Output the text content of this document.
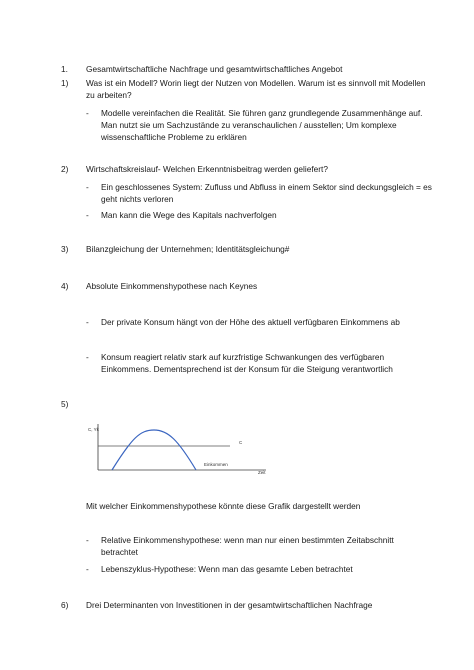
1. Gesamtwirtschaftliche Nachfrage und gesamtwirtschaftliches Angebot
1) Was ist ein Modell? Worin liegt der Nutzen von Modellen. Warum ist es sinnvoll mit Modellen
zu arbeiten?
- Modelle vereinfachen die Realität. Sie führen ganz grundlegende Zusammenhänge auf.
Man nutzt sie um Sachzustände zu veranschaulichen / ausstellen; Um komplexe
wissenschaftliche Probleme zu erklären
2) Wirtschaftskreislauf- Welchen Erkenntnisbeitrag werden geliefert?
- Ein geschlossenes System: Zufluss und Abfluss in einem Sektor sind deckungsgleich = es
geht nichts verloren
- Man kann die Wege des Kapitals nachverfolgen
3) Bilanzgleichung der Unternehmen; Identitätsgleichung#
4) Absolute Einkommenshypothese nach Keynes
- Der private Konsum hängt von der Höhe des aktuell verfügbaren Einkommens ab
- Konsum reagiert relativ stark auf kurzfristige Schwankungen des verfügbaren
Einkommens. Dementsprechend ist der Konsum für die Steigung verantwortlich
5)
C, Yk
C
Einkommen
Zeit
Mit welcher Einkommenshypothese könnte diese Grafik dargestellt werden
- Relative Einkommenshypothese: wenn man nur einen bestimmten Zeitabschnitt
betrachtet
- Lebenszyklus-Hypothese: Wenn man das gesamte Leben betrachtet
6) Drei Determinanten von Investitionen in der gesamtwirtschaftlichen Nachfrage
